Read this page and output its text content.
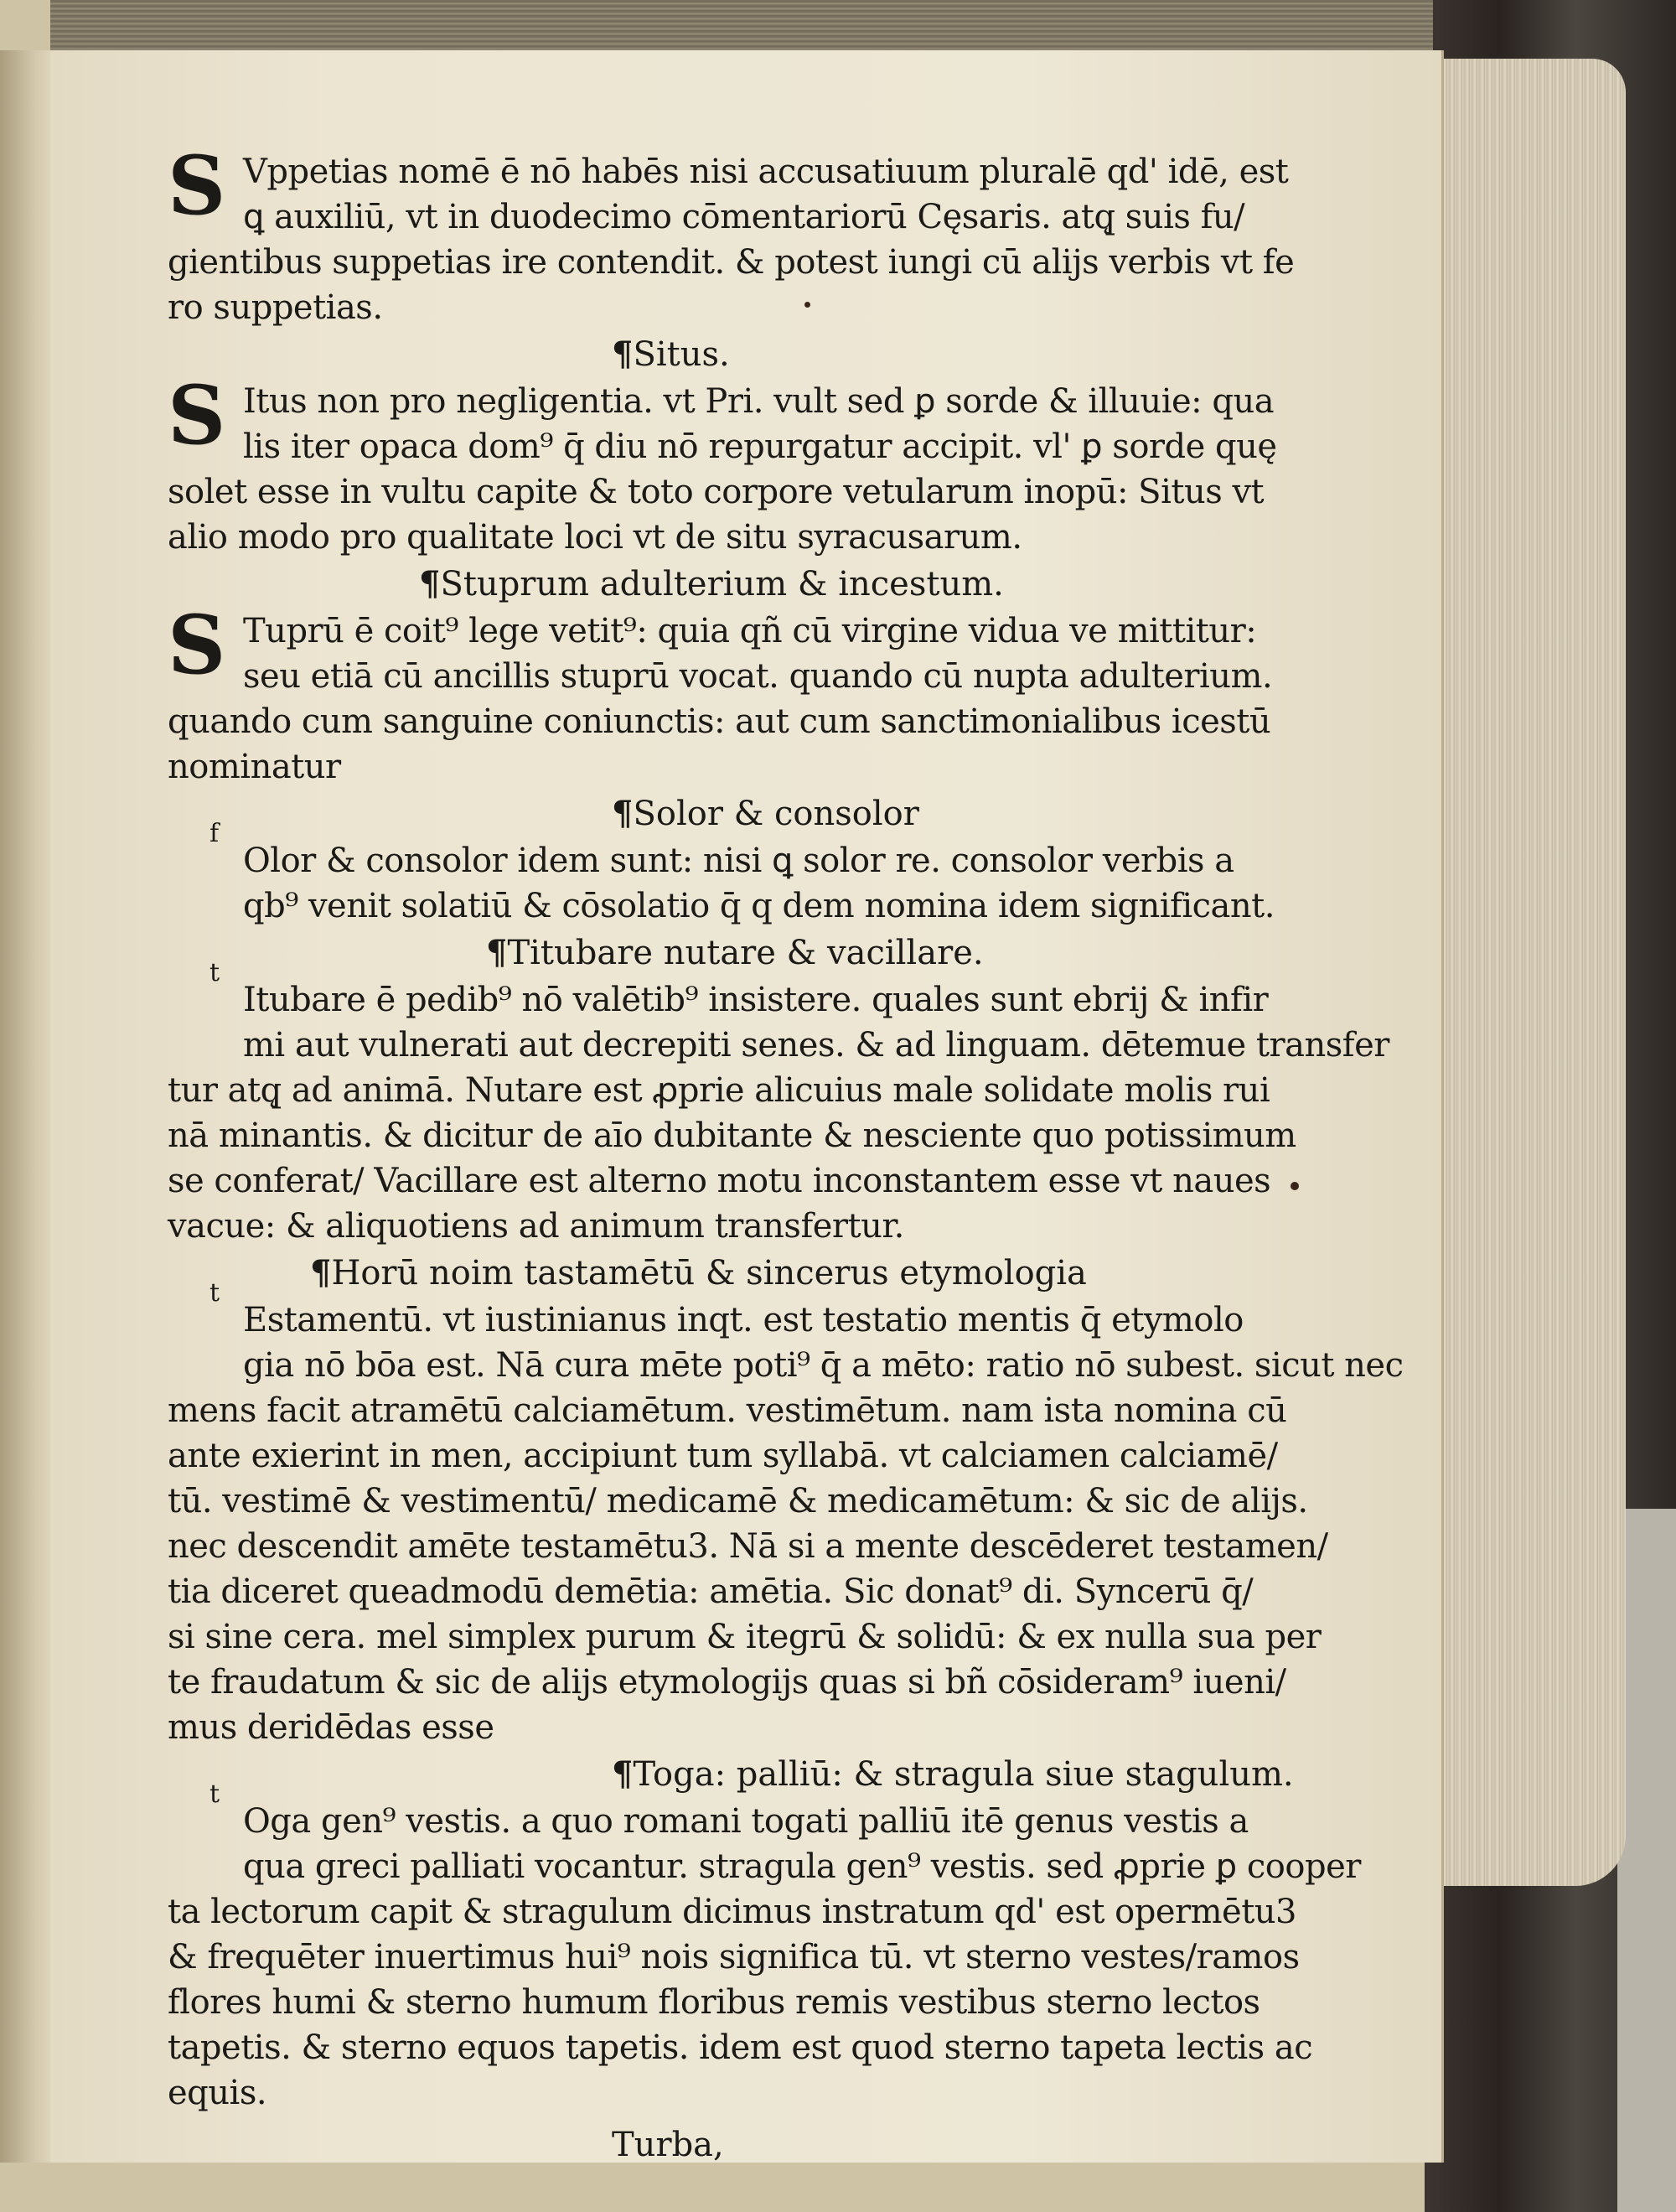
S Vppetias nomē ē nō habēs nisi accusatiuum pluralē qd' idē, est
ꝗ auxiliū, vt in duodecimo cōmentariorū Cęsaris. atq̨ suis fu/
gientibus suppetias ire contendit. & potest iungi cū alijs verbis vt fe
ro suppetias.
¶Situs.
S Itus non pro negligentia. vt Pri. vult sed ꝑ sorde & illuuie: qua
lis iter opaca dom⁹ q̄ diu nō repurgatur accipit. vl' ꝑ sorde quę
solet esse in vultu capite & toto corpore vetularum inopū: Situs vt
alio modo pro qualitate loci vt de situ syracusarum.
¶Stuprum adulterium & incestum.
S Tuprū ē coit⁹ lege vetit⁹: quia qñ cū virgine vidua ve mittitur:
seu etiā cū ancillis stuprū vocat. quando cū nupta adulterium.
quando cum sanguine coniunctis: aut cum sanctimonialibus icestū
nominatur
¶Solor & consolor
f
Olor & consolor idem sunt: nisi ꝗ solor re. consolor verbis a
qb⁹ venit solatiū & cōsolatio q̄ q dem nomina idem significant.
¶Titubare nutare & vacillare.
t
Itubare ē pedib⁹ nō valētib⁹ insistere. quales sunt ebrij & infir
mi aut vulnerati aut decrepiti senes. & ad linguam. dētemue transfer
tur atq̨ ad animā. Nutare est ꝓprie alicuius male solidate molis rui
nā minantis. & dicitur de aīo dubitante & nesciente quo potissimum
se conferat/ Vacillare est alterno motu inconstantem esse vt naues
vacue: & aliquotiens ad animum transfertur.
¶Horū noim tastamētū & sincerus etymologia
t
Estamentū. vt iustinianus inqt. est testatio mentis q̄ etymolo
gia nō bōa est. Nā cura mēte poti⁹ q̄ a mēto: ratio nō subest. sicut nec
mens facit atramētū calciamētum. vestimētum. nam ista nomina cū
ante exierint in men, accipiunt tum syllabā. vt calciamen calciamē/
tū. vestimē & vestimentū/ medicamē & medicamētum: & sic de alijs.
nec descendit amēte testamētu3. Nā si a mente descēderet testamen/
tia diceret queadmodū demētia: amētia. Sic donat⁹ di. Syncerū q̄/
si sine cera. mel simplex purum & itegrū & solidū: & ex nulla sua per
te fraudatum & sic de alijs etymologijs quas si bñ cōsideram⁹ iueni/
mus deridēdas esse
¶Toga: palliū: & stragula siue stagulum.
t
Oga gen⁹ vestis. a quo romani togati palliū itē genus vestis a
qua greci palliati vocantur. stragula gen⁹ vestis. sed ꝓprie ꝑ cooper
ta lectorum capit & stragulum dicimus instratum qd' est opermētu3
& frequēter inuertimus hui⁹ nois significa tū. vt sterno vestes/ramos
flores humi & sterno humum floribus remis vestibus sterno lectos
tapetis. & sterno equos tapetis. idem est quod sterno tapeta lectis ac
equis.
Turba,
